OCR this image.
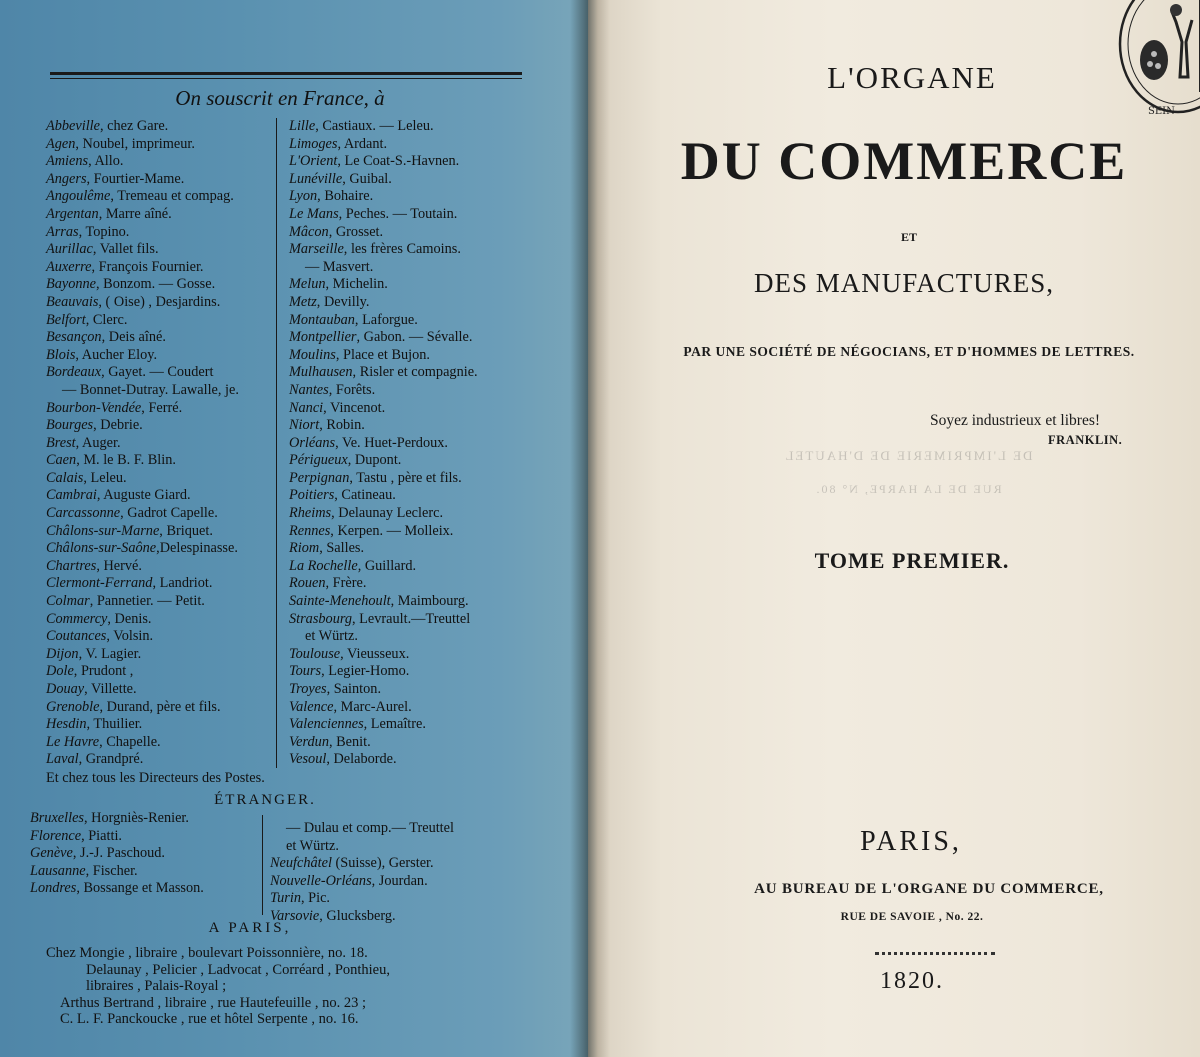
On souscrit en France, à
Abbeville, chez Gare.
Agen, Noubel, imprimeur.
Amiens, Allo.
Angers, Fourtier-Mame.
Angoulême, Tremeau et compag.
Argentan, Marre aîné.
Arras, Topino.
Aurillac, Vallet fils.
Auxerre, François Fournier.
Bayonne, Bonzom. — Gosse.
Beauvais, ( Oise) , Desjardins.
Belfort, Clerc.
Besançon, Deis aîné.
Blois, Aucher Eloy.
Bordeaux, Gayet. — Coudert
— Bonnet-Dutray. Lawalle, je.
Bourbon-Vendée, Ferré.
Bourges, Debrie.
Brest, Auger.
Caen, M. le B. F. Blin.
Calais, Leleu.
Cambrai, Auguste Giard.
Carcassonne, Gadrot Capelle.
Châlons-sur-Marne, Briquet.
Châlons-sur-Saône,Delespinasse.
Chartres, Hervé.
Clermont-Ferrand, Landriot.
Colmar, Pannetier. — Petit.
Commercy, Denis.
Coutances, Volsin.
Dijon, V. Lagier.
Dole, Prudont ,
Douay, Villette.
Grenoble, Durand, père et fils.
Hesdin, Thuilier.
Le Havre, Chapelle.
Laval, Grandpré.
Lille, Castiaux. — Leleu.
Limoges, Ardant.
L'Orient, Le Coat-S.-Havnen.
Lunéville, Guibal.
Lyon, Bohaire.
Le Mans, Peches. — Toutain.
Mâcon, Grosset.
Marseille, les frères Camoins.
— Masvert.
Melun, Michelin.
Metz, Devilly.
Montauban, Laforgue.
Montpellier, Gabon. — Sévalle.
Moulins, Place et Bujon.
Mulhausen, Risler et compagnie.
Nantes, Forêts.
Nanci, Vincenot.
Niort, Robin.
Orléans, Ve. Huet-Perdoux.
Périgueux, Dupont.
Perpignan, Tastu , père et fils.
Poitiers, Catineau.
Rheims, Delaunay Leclerc.
Rennes, Kerpen. — Molleix.
Riom, Salles.
La Rochelle, Guillard.
Rouen, Frère.
Sainte-Menehoult, Maimbourg.
Strasbourg, Levrault.—Treuttel
et Würtz.
Toulouse, Vieusseux.
Tours, Legier-Homo.
Troyes, Sainton.
Valence, Marc-Aurel.
Valenciennes, Lemaître.
Verdun, Benit.
Vesoul, Delaborde.
Et chez tous les Directeurs des Postes.
ÉTRANGER.
Bruxelles, Horgniès-Renier.
Florence, Piatti.
Genève, J.-J. Paschoud.
Lausanne, Fischer.
Londres, Bossange et Masson.
— Dulau et comp.— Treuttel
et Würtz.
Neufchâtel (Suisse), Gerster.
Nouvelle-Orléans, Jourdan.
Turin, Pic.
Varsovie, Glucksberg.
A PARIS,
Chez Mongie , libraire , boulevart Poissonnière, no. 18.
Delaunay , Pelicier , Ladvocat , Corréard , Ponthieu,
libraires , Palais-Royal ;
Arthus Bertrand , libraire , rue Hautefeuille , no. 23 ;
C. L. F. Panckoucke , rue et hôtel Serpente , no. 16.
L'ORGANE
DU COMMERCE
ET
DES MANUFACTURES,
PAR UNE SOCIÉTÉ DE NÉGOCIANS, ET D'HOMMES DE LETTRES.
Soyez industrieux et libres!
FRANKLIN.
DE L'IMPRIMERIE DE D'HAUTEL
RUE DE LA HARPE, N° 80.
TOME PREMIER.
PARIS,
AU BUREAU DE L'ORGANE DU COMMERCE,
RUE DE SAVOIE , No. 22.
1820.
SEIN
